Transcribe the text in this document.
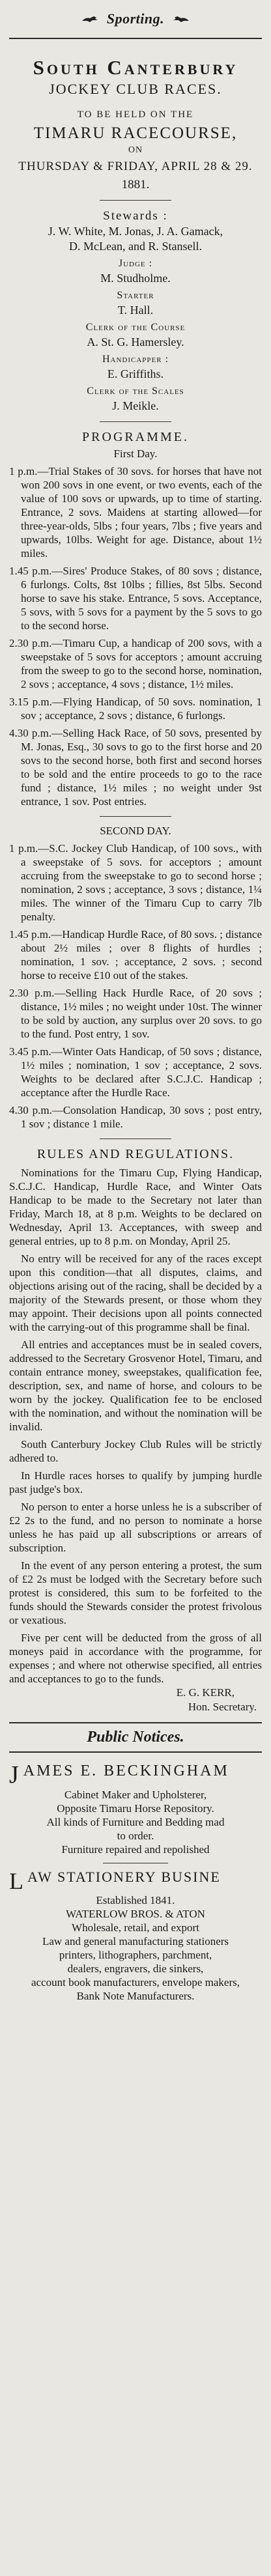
Sporting.
South Canterbury
JOCKEY CLUB RACES.
TO BE HELD ON THE
TIMARU RACECOURSE,
ON
THURSDAY & FRIDAY, APRIL 28 & 29.
1881.
Stewards :
J. W. White, M. Jonas, J. A. Gamack,
D. McLean, and R. Stansell.
Judge :
M. Studholme.
Starter
T. Hall.
Clerk of the Course
A. St. G. Hamersley.
Handicapper :
E. Griffiths.
Clerk of the Scales
J. Meikle.
PROGRAMME.
First Day.
1 p.m.—Trial Stakes of 30 sovs. for horses that have not won 200 sovs in one event, or two events, each of the value of 100 sovs or upwards, up to time of starting. Entrance, 2 sovs. Maidens at starting allowed—for three-year-olds, 5lbs ; four years, 7lbs ; five years and upwards, 10lbs. Weight for age. Distance, about 1½ miles.
1.45 p.m.—Sires' Produce Stakes, of 80 sovs ; distance, 6 furlongs. Colts, 8st 10lbs ; fillies, 8st 5lbs. Second horse to save his stake. Entrance, 5 sovs. Acceptance, 5 sovs, with 5 sovs for a payment by the 5 sovs to go to the second horse.
2.30 p.m.—Timaru Cup, a handicap of 200 sovs, with a sweepstake of 5 sovs for acceptors ; amount accruing from the sweep to go to the second horse, nomination, 2 sovs ; acceptance, 4 sovs ; distance, 1½ miles.
3.15 p.m.—Flying Handicap, of 50 sovs. nomination, 1 sov ; acceptance, 2 sovs ; distance, 6 furlongs.
4.30 p.m.—Selling Hack Race, of 50 sovs, presented by M. Jonas, Esq., 30 sovs to go to the first horse and 20 sovs to the second horse, both first and second horses to be sold and the entire proceeds to go to the race fund ; distance, 1½ miles ; no weight under 9st entrance, 1 sov. Post entries.
SECOND DAY.
1 p.m.—S.C. Jockey Club Handicap, of 100 sovs., with a sweepstake of 5 sovs. for acceptors ; amount accruing from the sweepstake to go to second horse ; nomination, 2 sovs ; acceptance, 3 sovs ; distance, 1¼ miles. The winner of the Timaru Cup to carry 7lb penalty.
1.45 p.m.—Handicap Hurdle Race, of 80 sovs. ; distance about 2½ miles ; over 8 flights of hurdles ; nomination, 1 sov. ; acceptance, 2 sovs. ; second horse to receive £10 out of the stakes.
2.30 p.m.—Selling Hack Hurdle Race, of 20 sovs ; distance, 1½ miles ; no weight under 10st. The winner to be sold by auction, any surplus over 20 sovs. to go to the fund. Post entry, 1 sov.
3.45 p.m.—Winter Oats Handicap, of 50 sovs ; distance, 1½ miles ; nomination, 1 sov ; acceptance, 2 sovs. Weights to be declared after S.C.J.C. Handicap ; acceptance after the Hurdle Race.
4.30 p.m.—Consolation Handicap, 30 sovs ; post entry, 1 sov ; distance 1 mile.
RULES AND REGULATIONS.
Nominations for the Timaru Cup, Flying Handicap, S.C.J.C. Handicap, Hurdle Race, and Winter Oats Handicap to be made to the Secretary not later than Friday, March 18, at 8 p.m. Weights to be declared on Wednesday, April 13. Acceptances, with sweep and general entries, up to 8 p.m. on Monday, April 25.
No entry will be received for any of the races except upon this condition—that all disputes, claims, and objections arising out of the racing, shall be decided by a majority of the Stewards present, or those whom they may appoint. Their decisions upon all points connected with the carrying-out of this programme shall be final.
All entries and acceptances must be in sealed covers, addressed to the Secretary Grosvenor Hotel, Timaru, and contain entrance money, sweepstakes, qualification fee, description, sex, and name of horse, and colours to be worn by the jockey. Qualification fee to be enclosed with the nomination, and without the nomination will be invalid.
South Canterbury Jockey Club Rules will be strictly adhered to.
In Hurdle races horses to qualify by jumping hurdle past judge's box.
No person to enter a horse unless he is a subscriber of £2 2s to the fund, and no person to nominate a horse unless he has paid up all subscriptions or arrears of subscription.
In the event of any person entering a protest, the sum of £2 2s must be lodged with the Secretary before such protest is considered, this sum to be forfeited to the funds should the Stewards consider the protest frivolous or vexatious.
Five per cent will be deducted from the gross of all moneys paid in accordance with the programme, for expenses ; and where not otherwise specified, all entries and acceptances to go to the funds.
E. G. KERR,
Hon. Secretary.
Public Notices.
J AMES E. BECKINGHAM
Cabinet Maker and Upholsterer,
Opposite Timaru Horse Repository.
All kinds of Furniture and Bedding mad
to order.
Furniture repaired and repolished
L AW STATIONERY BUSINE
Established 1841.
WATERLOW BROS. & ATON
Wholesale, retail, and export
Law and general manufacturing stationers
printers, lithographers, parchment,
dealers, engravers, die sinkers,
account book manufacturers, envelope makers,
Bank Note Manufacturers.
